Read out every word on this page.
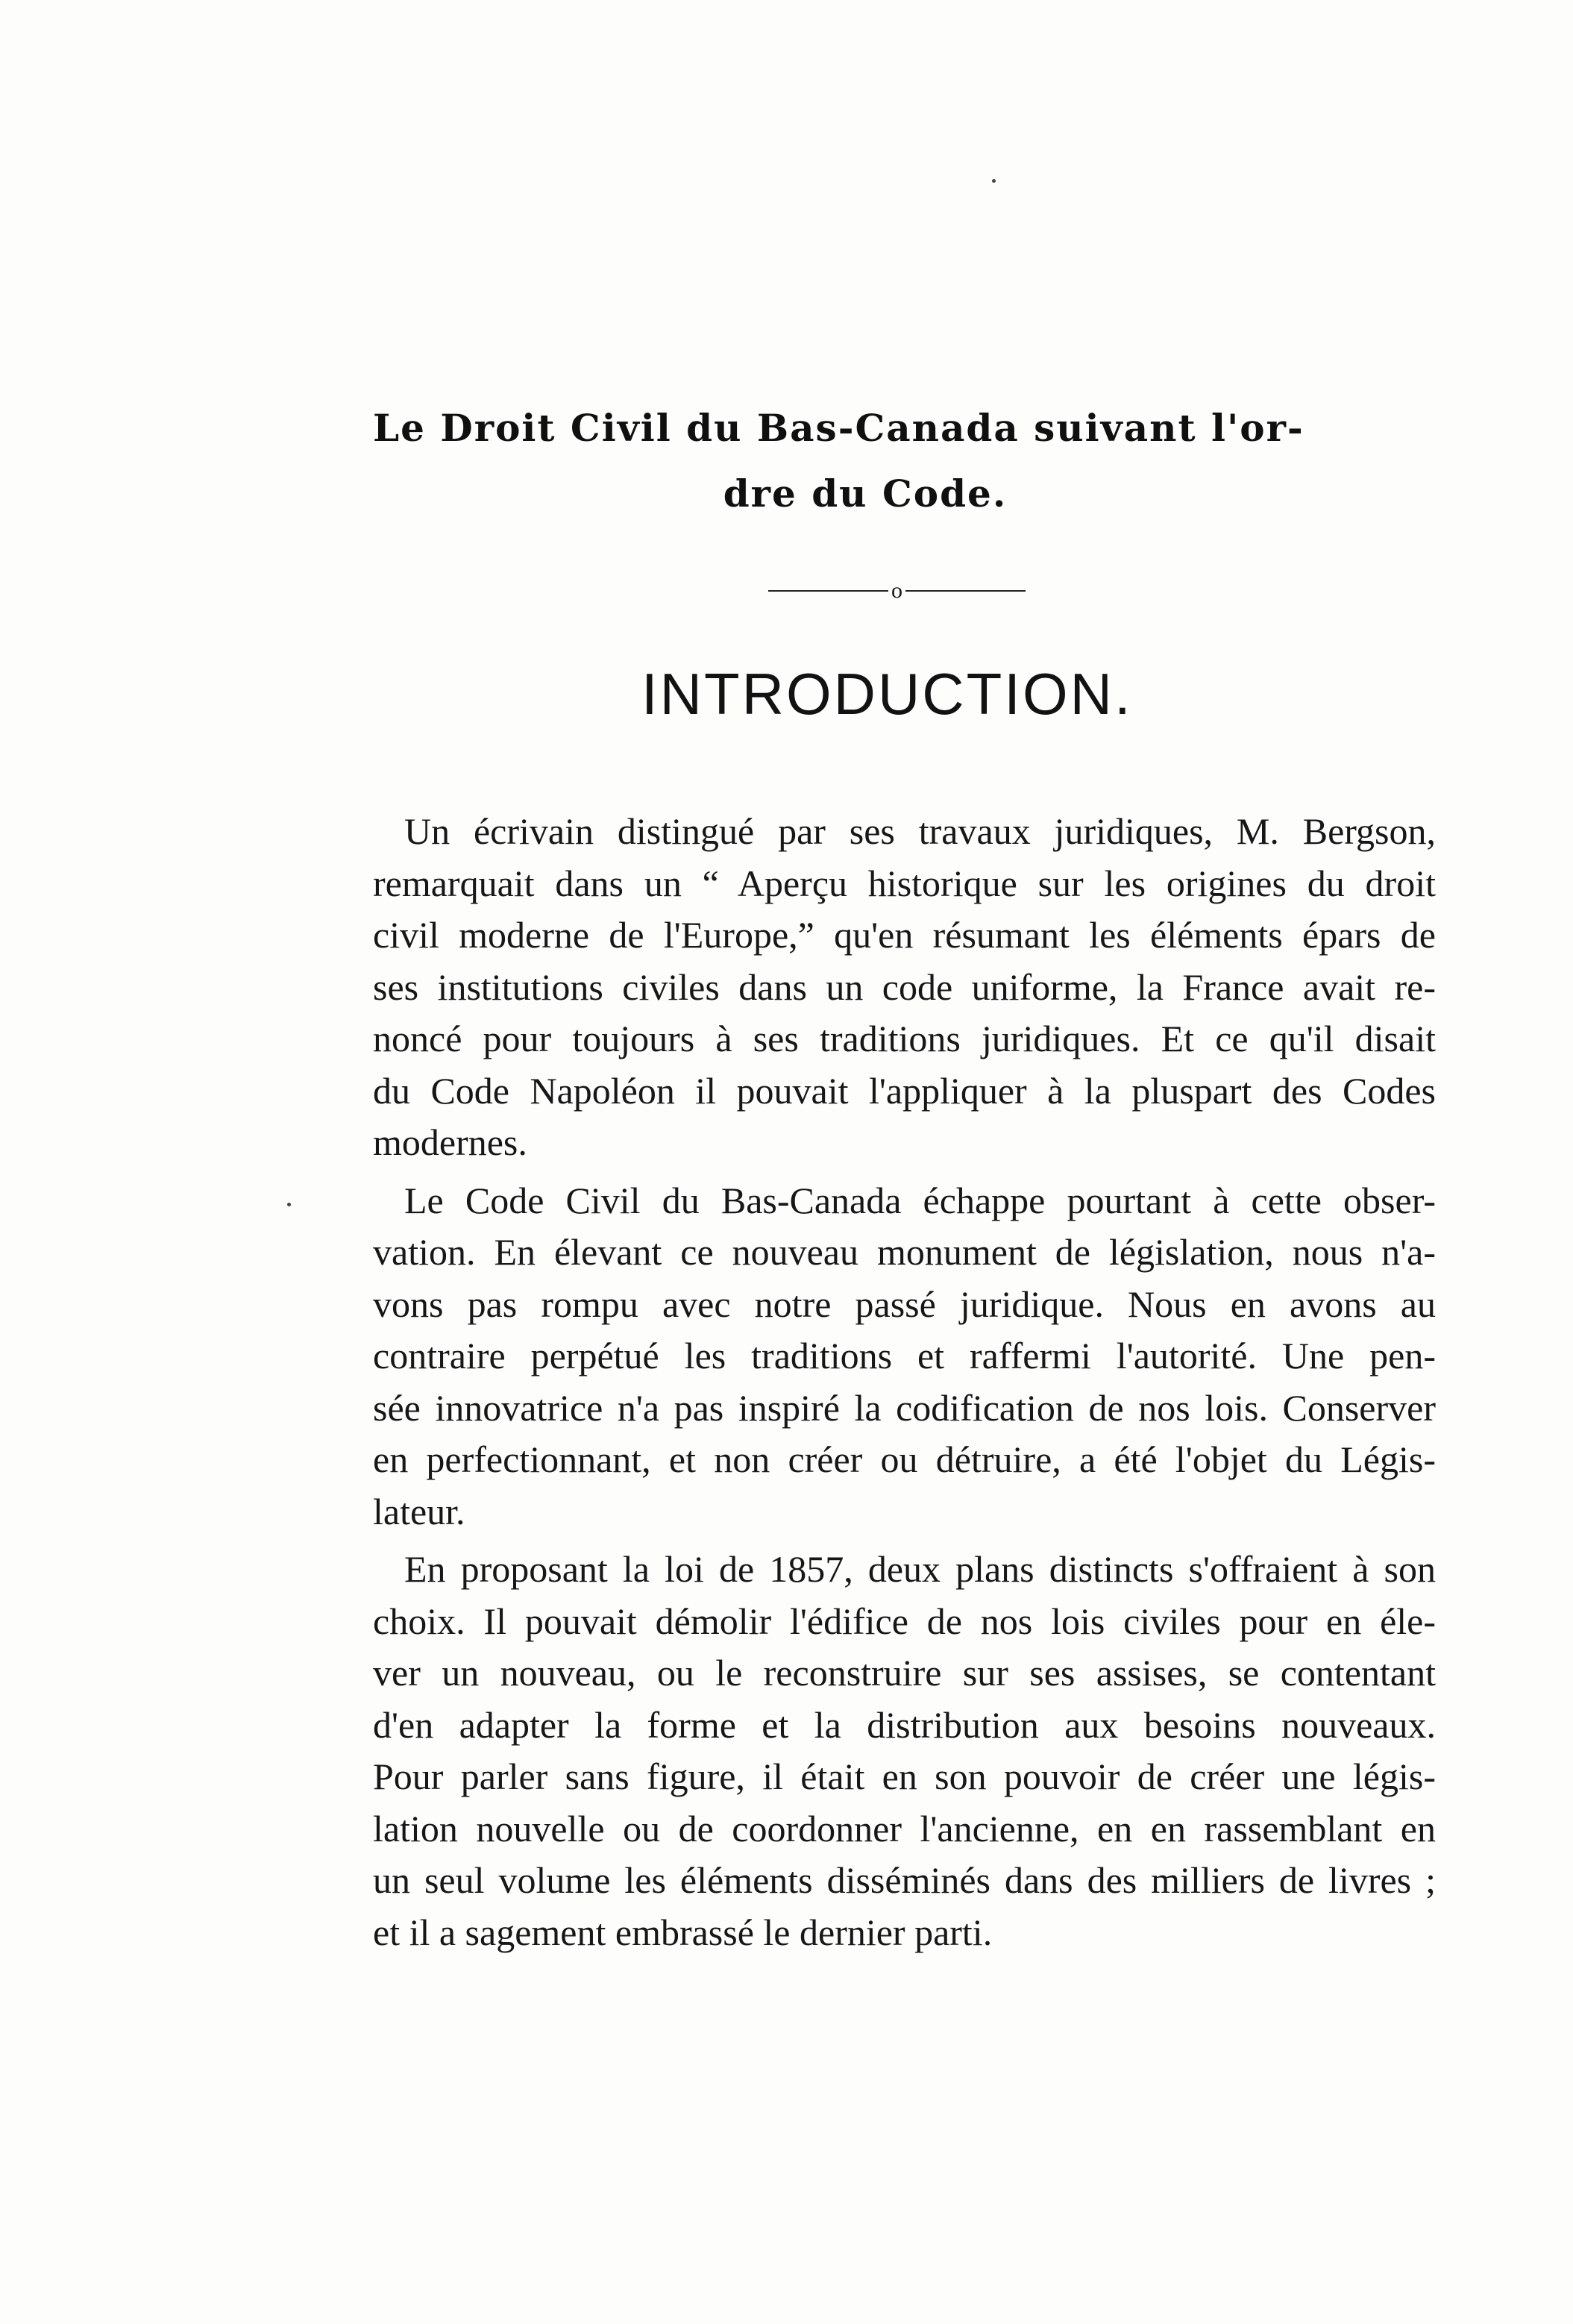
Le Droit Civil du Bas-Canada suivant l'or-
dre du Code.
o
INTRODUCTION.

Un écrivain distingué par ses travaux juridiques, M. Bergson,
remarquait dans un “ Aperçu historique sur les origines du droit
civil moderne de l'Europe,” qu'en résumant les éléments épars de
ses institutions civiles dans un code uniforme, la France avait re-
noncé pour toujours à ses traditions juridiques. Et ce qu'il disait
du Code Napoléon il pouvait l'appliquer à la pluspart des Codes
modernes.

Le Code Civil du Bas-Canada échappe pourtant à cette obser-
vation. En élevant ce nouveau monument de législation, nous n'a-
vons pas rompu avec notre passé juridique. Nous en avons au
contraire perpétué les traditions et raffermi l'autorité. Une pen-
sée innovatrice n'a pas inspiré la codification de nos lois. Conserver
en perfectionnant, et non créer ou détruire, a été l'objet du Légis-
lateur.

En proposant la loi de 1857, deux plans distincts s'offraient à son
choix. Il pouvait démolir l'édifice de nos lois civiles pour en éle-
ver un nouveau, ou le reconstruire sur ses assises, se contentant
d'en adapter la forme et la distribution aux besoins nouveaux.
Pour parler sans figure, il était en son pouvoir de créer une légis-
lation nouvelle ou de coordonner l'ancienne, en en rassemblant en
un seul volume les éléments disséminés dans des milliers de livres ;
et il a sagement embrassé le dernier parti.
